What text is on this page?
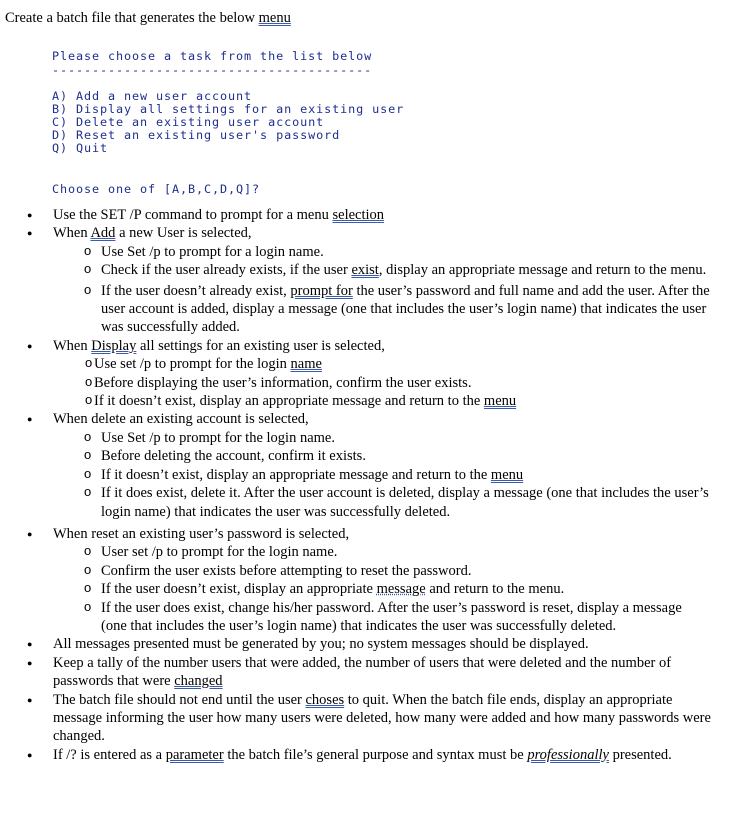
Create a batch file that generates the below menu

Please choose a task from the list below

----------------------------------------

A) Add a new user account

B) Display all settings for an existing user

C) Delete an existing user account

D) Reset an existing user's password

Q) Quit

Choose one of [A,B,C,D,Q]?
● Use the SET /P command to prompt for a menu selection
● When Add a new User is selected,
o Use Set /p to prompt for a login name.
o Check if the user already exists, if the user exist, display an appropriate message and return to the menu.
o If the user doesn’t already exist, prompt for the user’s password and full name and add the user. After the user account is added, display a message (one that includes the user’s login name) that indicates the user was successfully added.
● When Display all settings for an existing user is selected,
o Use set /p to prompt for the login name
o Before displaying the user’s information, confirm the user exists.
o If it doesn’t exist, display an appropriate message and return to the menu
● When delete an existing account is selected,
o Use Set /p to prompt for the login name.
o Before deleting the account, confirm it exists.
o If it doesn’t exist, display an appropriate message and return to the menu
o If it does exist, delete it. After the user account is deleted, display a message (one that includes the user’s login name) that indicates the user was successfully deleted.
● When reset an existing user’s password is selected,
o User set /p to prompt for the login name.
o Confirm the user exists before attempting to reset the password.
o If the user doesn’t exist, display an appropriate message and return to the menu.
o If the user does exist, change his/her password. After the user’s password is reset, display a message (one that includes the user’s login name) that indicates the user was successfully deleted.
● All messages presented must be generated by you; no system messages should be displayed.
● Keep a tally of the number users that were added, the number of users that were deleted and the number of passwords that were changed
● The batch file should not end until the user choses to quit. When the batch file ends, display an appropriate message informing the user how many users were deleted, how many were added and how many passwords were changed.
● If /? is entered as a parameter the batch file’s general purpose and syntax must be professionally presented.
